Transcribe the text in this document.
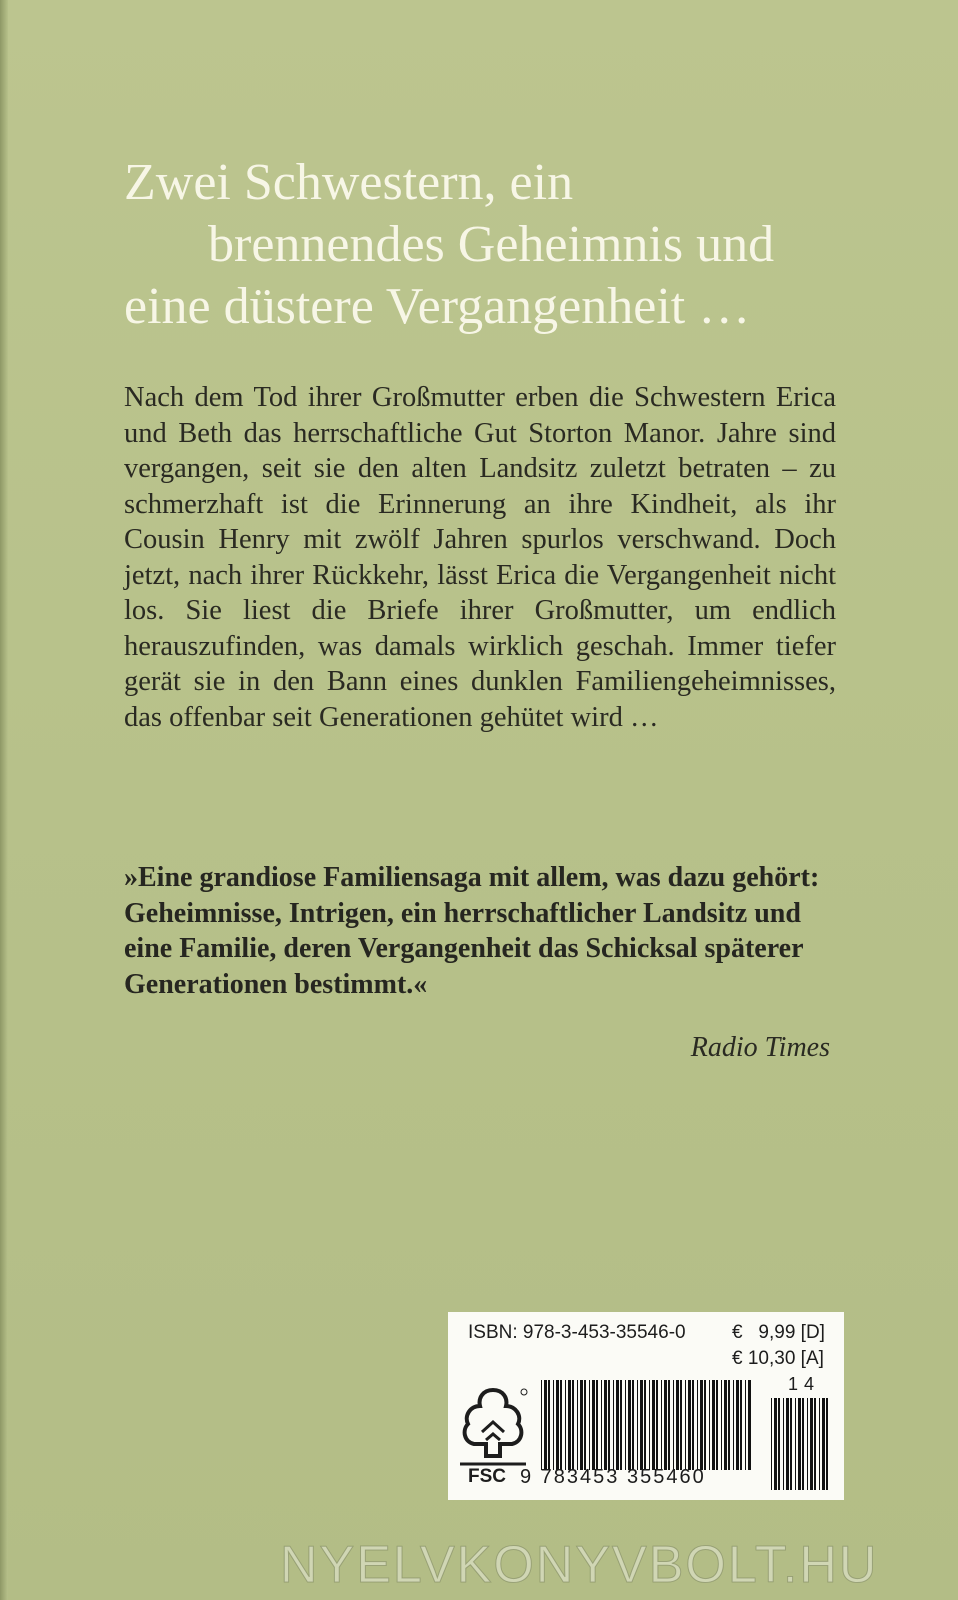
Zwei Schwestern, ein
brennendes Geheimnis und
eine düstere Vergangenheit …
Nach dem Tod ihrer Großmutter erben die Schwestern Erica und Beth das herrschaftliche Gut Storton Manor. Jahre sind vergangen, seit sie den alten Landsitz zuletzt betraten – zu schmerzhaft ist die Erinnerung an ihre Kindheit, als ihr Cousin Henry mit zwölf Jahren spurlos verschwand. Doch jetzt, nach ihrer Rückkehr, lässt Erica die Vergangenheit nicht los. Sie liest die Briefe ihrer Großmutter, um endlich herauszufinden, was damals wirklich geschah. Immer tiefer gerät sie in den Bann eines dunklen Familiengeheimnisses, das offenbar seit Generationen gehütet wird …
»Eine grandiose Familiensaga mit allem, was dazu gehört: Geheimnisse, Intrigen, ein herrschaftlicher Landsitz und eine Familie, deren Vergangenheit das Schicksal späterer Generationen bestimmt.«
Radio Times
ISBN: 978-3-453-35546-0 €   9,99 [D]
€ 10,30 [A]
FSC 9 783453 355460
14
NYELVKONYVBOLT.HU
